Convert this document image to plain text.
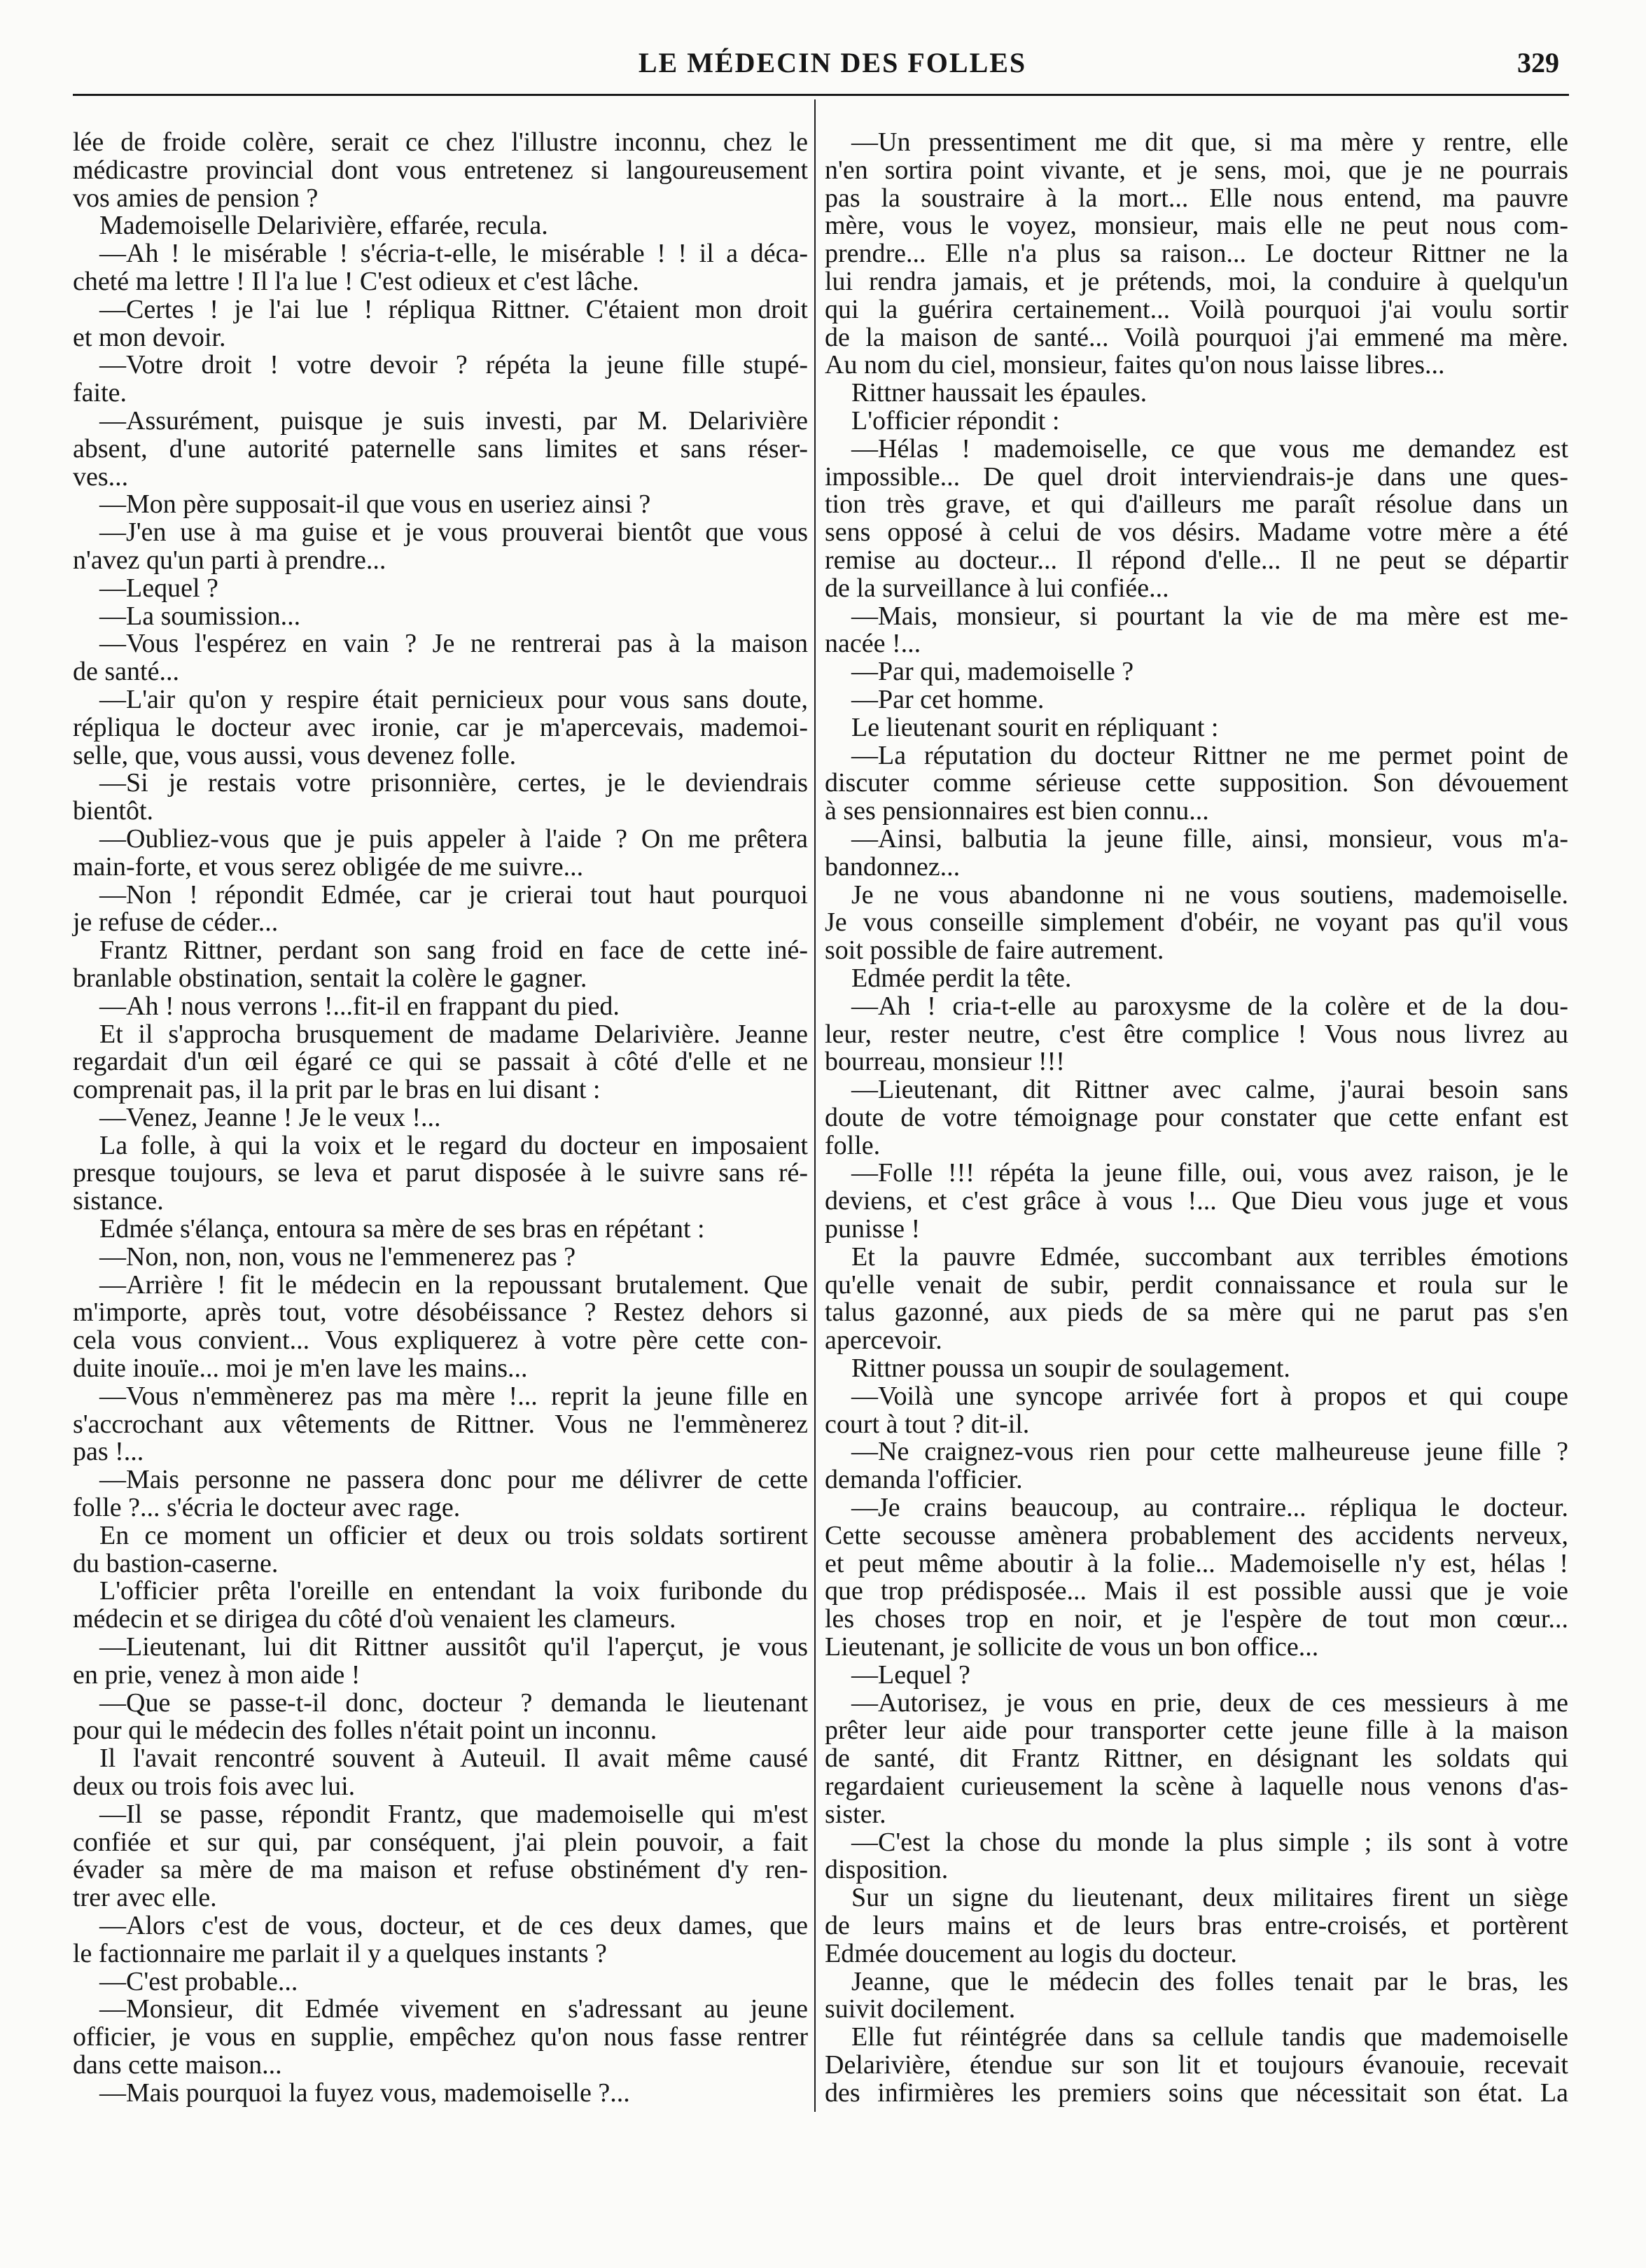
LE MÉDECIN DES FOLLES	329
lée de froide colère, serait ce chez l'illustre inconnu, chez le
médicastre provincial dont vous entretenez si langoureusement
vos amies de pension ?
Mademoiselle Delarivière, effarée, recula.
—Ah ! le misérable ! s'écria-t-elle, le misérable ! ! il a déca-
cheté ma lettre ! Il l'a lue ! C'est odieux et c'est lâche.
—Certes ! je l'ai lue ! répliqua Rittner. C'étaient mon droit
et mon devoir.
—Votre droit ! votre devoir ? répéta la jeune fille stupé-
faite.
—Assurément, puisque je suis investi, par M. Delarivière
absent, d'une autorité paternelle sans limites et sans réser-
ves...
—Mon père supposait-il que vous en useriez ainsi ?
—J'en use à ma guise et je vous prouverai bientôt que vous
n'avez qu'un parti à prendre...
—Lequel ?
—La soumission...
—Vous l'espérez en vain ? Je ne rentrerai pas à la maison
de santé...
—L'air qu'on y respire était pernicieux pour vous sans doute,
répliqua le docteur avec ironie, car je m'apercevais, mademoi-
selle, que, vous aussi, vous devenez folle.
—Si je restais votre prisonnière, certes, je le deviendrais
bientôt.
—Oubliez-vous que je puis appeler à l'aide ? On me prêtera
main-forte, et vous serez obligée de me suivre...
—Non ! répondit Edmée, car je crierai tout haut pourquoi
je refuse de céder...
Frantz Rittner, perdant son sang froid en face de cette iné-
branlable obstination, sentait la colère le gagner.
—Ah ! nous verrons !...fit-il en frappant du pied.
Et il s'approcha brusquement de madame Delarivière. Jeanne
regardait d'un œil égaré ce qui se passait à côté d'elle et ne
comprenait pas, il la prit par le bras en lui disant :
—Venez, Jeanne ! Je le veux !...
La folle, à qui la voix et le regard du docteur en imposaient
presque toujours, se leva et parut disposée à le suivre sans ré-
sistance.
Edmée s'élança, entoura sa mère de ses bras en répétant :
—Non, non, non, vous ne l'emmenerez pas ?
—Arrière ! fit le médecin en la repoussant brutalement. Que
m'importe, après tout, votre désobéissance ? Restez dehors si
cela vous convient... Vous expliquerez à votre père cette con-
duite inouïe... moi je m'en lave les mains...
—Vous n'emmènerez pas ma mère !... reprit la jeune fille en
s'accrochant aux vêtements de Rittner. Vous ne l'emmènerez
pas !...
—Mais personne ne passera donc pour me délivrer de cette
folle ?... s'écria le docteur avec rage.
En ce moment un officier et deux ou trois soldats sortirent
du bastion-caserne.
L'officier prêta l'oreille en entendant la voix furibonde du
médecin et se dirigea du côté d'où venaient les clameurs.
—Lieutenant, lui dit Rittner aussitôt qu'il l'aperçut, je vous
en prie, venez à mon aide !
—Que se passe-t-il donc, docteur ? demanda le lieutenant
pour qui le médecin des folles n'était point un inconnu.
Il l'avait rencontré souvent à Auteuil. Il avait même causé
deux ou trois fois avec lui.
—Il se passe, répondit Frantz, que mademoiselle qui m'est
confiée et sur qui, par conséquent, j'ai plein pouvoir, a fait
évader sa mère de ma maison et refuse obstinément d'y ren-
trer avec elle.
—Alors c'est de vous, docteur, et de ces deux dames, que
le factionnaire me parlait il y a quelques instants ?
—C'est probable...
—Monsieur, dit Edmée vivement en s'adressant au jeune
officier, je vous en supplie, empêchez qu'on nous fasse rentrer
dans cette maison...
—Mais pourquoi la fuyez vous, mademoiselle ?...
—Un pressentiment me dit que, si ma mère y rentre, elle
n'en sortira point vivante, et je sens, moi, que je ne pourrais
pas la soustraire à la mort... Elle nous entend, ma pauvre
mère, vous le voyez, monsieur, mais elle ne peut nous com-
prendre... Elle n'a plus sa raison... Le docteur Rittner ne la
lui rendra jamais, et je prétends, moi, la conduire à quelqu'un
qui la guérira certainement... Voilà pourquoi j'ai voulu sortir
de la maison de santé... Voilà pourquoi j'ai emmené ma mère.
Au nom du ciel, monsieur, faites qu'on nous laisse libres...
Rittner haussait les épaules.
L'officier répondit :
—Hélas ! mademoiselle, ce que vous me demandez est
impossible... De quel droit interviendrais-je dans une ques-
tion très grave, et qui d'ailleurs me paraît résolue dans un
sens opposé à celui de vos désirs. Madame votre mère a été
remise au docteur... Il répond d'elle... Il ne peut se départir
de la surveillance à lui confiée...
—Mais, monsieur, si pourtant la vie de ma mère est me-
nacée !...
—Par qui, mademoiselle ?
—Par cet homme.
Le lieutenant sourit en répliquant :
—La réputation du docteur Rittner ne me permet point de
discuter comme sérieuse cette supposition. Son dévouement
à ses pensionnaires est bien connu...
—Ainsi, balbutia la jeune fille, ainsi, monsieur, vous m'a-
bandonnez...
Je ne vous abandonne ni ne vous soutiens, mademoiselle.
Je vous conseille simplement d'obéir, ne voyant pas qu'il vous
soit possible de faire autrement.
Edmée perdit la tête.
—Ah ! cria-t-elle au paroxysme de la colère et de la dou-
leur, rester neutre, c'est être complice ! Vous nous livrez au
bourreau, monsieur !!!
—Lieutenant, dit Rittner avec calme, j'aurai besoin sans
doute de votre témoignage pour constater que cette enfant est
folle.
—Folle !!! répéta la jeune fille, oui, vous avez raison, je le
deviens, et c'est grâce à vous !... Que Dieu vous juge et vous
punisse !
Et la pauvre Edmée, succombant aux terribles émotions
qu'elle venait de subir, perdit connaissance et roula sur le
talus gazonné, aux pieds de sa mère qui ne parut pas s'en
apercevoir.
Rittner poussa un soupir de soulagement.
—Voilà une syncope arrivée fort à propos et qui coupe
court à tout ? dit-il.
—Ne craignez-vous rien pour cette malheureuse jeune fille ?
demanda l'officier.
—Je crains beaucoup, au contraire... répliqua le docteur.
Cette secousse amènera probablement des accidents nerveux,
et peut même aboutir à la folie... Mademoiselle n'y est, hélas !
que trop prédisposée... Mais il est possible aussi que je voie
les choses trop en noir, et je l'espère de tout mon cœur...
Lieutenant, je sollicite de vous un bon office...
—Lequel ?
—Autorisez, je vous en prie, deux de ces messieurs à me
prêter leur aide pour transporter cette jeune fille à la maison
de santé, dit Frantz Rittner, en désignant les soldats qui
regardaient curieusement la scène à laquelle nous venons d'as-
sister.
—C'est la chose du monde la plus simple ; ils sont à votre
disposition.
Sur un signe du lieutenant, deux militaires firent un siège
de leurs mains et de leurs bras entre-croisés, et portèrent
Edmée doucement au logis du docteur.
Jeanne, que le médecin des folles tenait par le bras, les
suivit docilement.
Elle fut réintégrée dans sa cellule tandis que mademoiselle
Delarivière, étendue sur son lit et toujours évanouie, recevait
des infirmières les premiers soins que nécessitait son état. La
